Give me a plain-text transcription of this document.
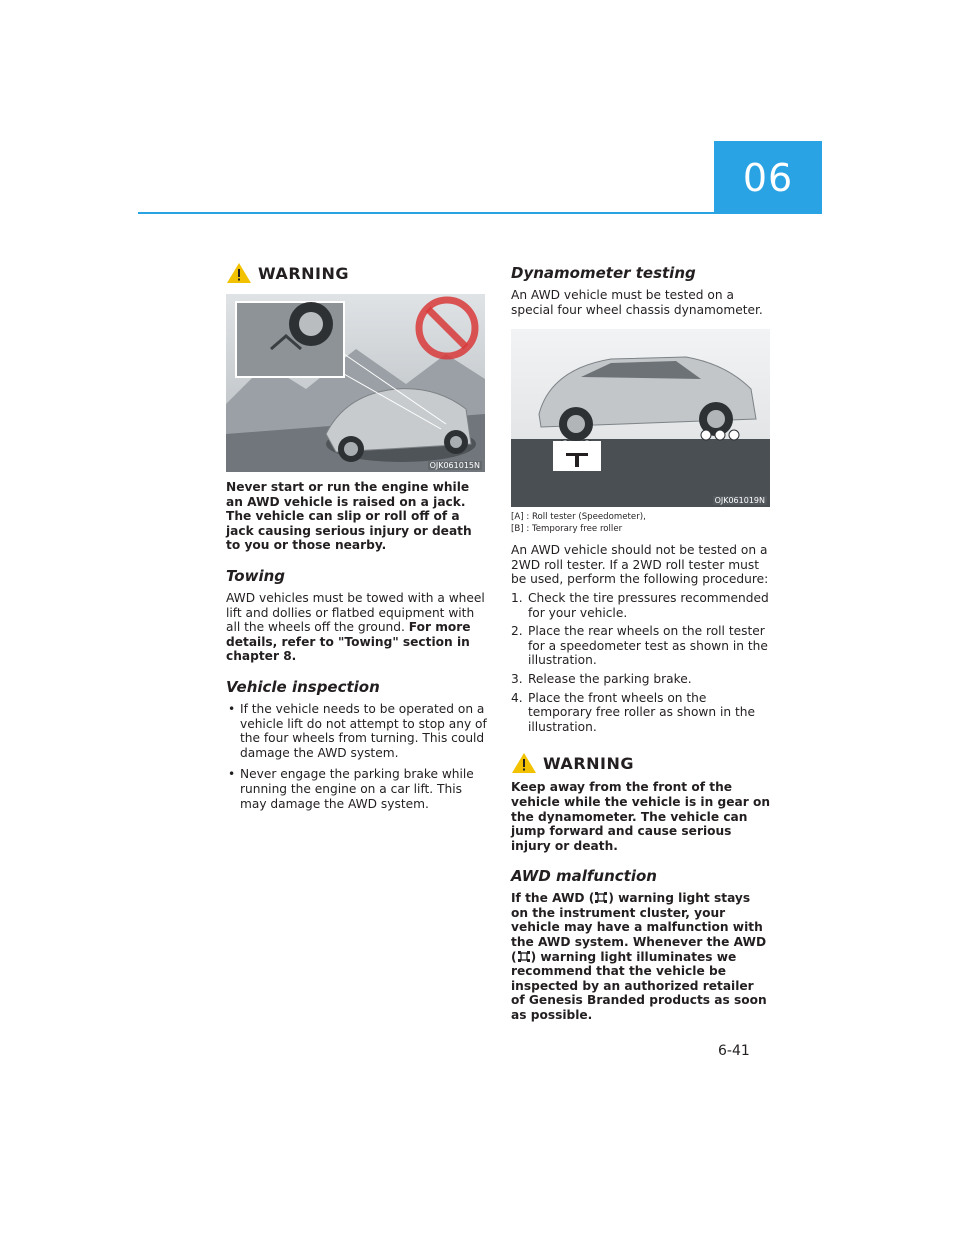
06
WARNING
OJK061015N

Never start or run the engine while an AWD vehicle is raised on a jack. The vehicle can slip or roll off of a jack causing serious injury or death to you or those nearby.

Towing

AWD vehicles must be towed with a wheel lift and dollies or flatbed equipment with all the wheels off the ground. For more details, refer to "Towing" section in chapter 8.

Vehicle inspection
• If the vehicle needs to be operated on a vehicle lift do not attempt to stop any of the four wheels from turning. This could damage the AWD system.
• Never engage the parking brake while running the engine on a car lift. This may damage the AWD system.
Dynamometer testing

An AWD vehicle must be tested on a special four wheel chassis dynamometer.

OJK061019N
[A] : Roll tester (Speedometer),
[B] : Temporary free roller

An AWD vehicle should not be tested on a 2WD roll tester. If a 2WD roll tester must be used, perform the following procedure:

1. Check the tire pressures recommended for your vehicle.
2. Place the rear wheels on the roll tester for a speedometer test as shown in the illustration.
3. Release the parking brake.
4. Place the front wheels on the temporary free roller as shown in the illustration.
WARNING

Keep away from the front of the vehicle while the vehicle is in gear on the dynamometer. The vehicle can jump forward and cause serious injury or death.

AWD malfunction

If the AWD ( ) warning light stays on the instrument cluster, your vehicle may have a malfunction with the AWD system. Whenever the AWD ( ) warning light illuminates we recommend that the vehicle be inspected by an authorized retailer of Genesis Branded products as soon as possible.

6-41
